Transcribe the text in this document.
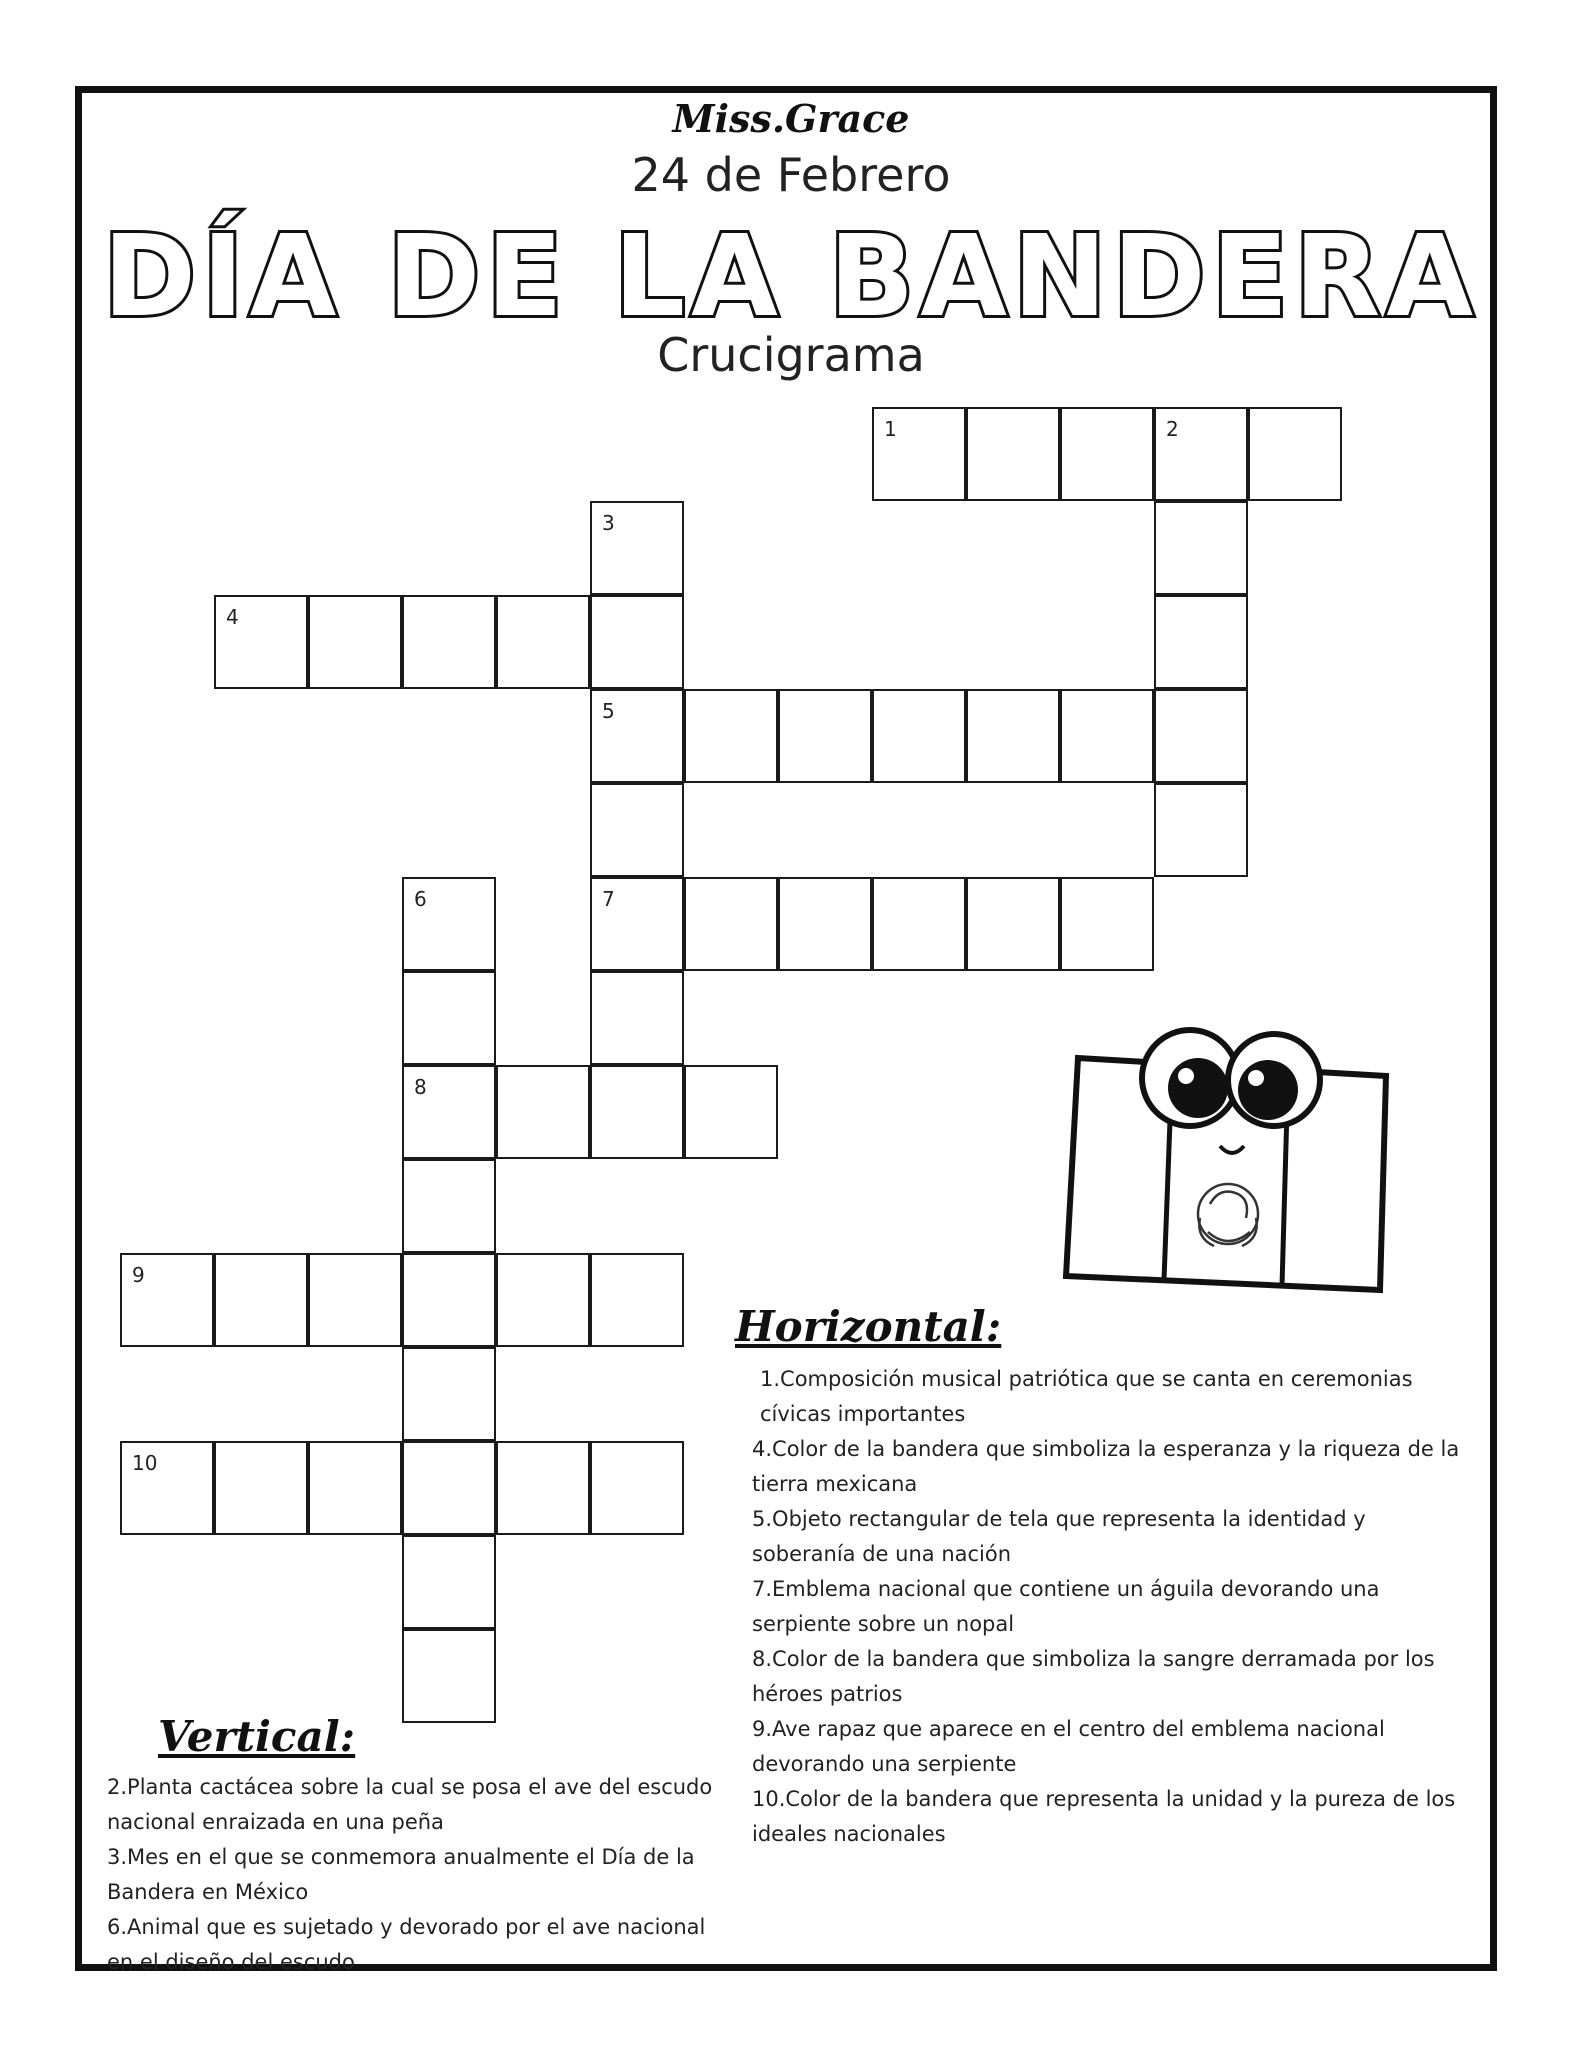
Miss.Grace
24 de Febrero
DÍA DE LA BANDERA
Crucigrama
1	2
3
5
7
4
6
8
9
10
Horizontal:
1.Composición musical patriótica que se canta en ceremonias cívicas importantes
4.Color de la bandera que simboliza la esperanza y la riqueza de la tierra mexicana
5.Objeto rectangular de tela que representa la identidad y soberanía de una nación
7.Emblema nacional que contiene un águila devorando una serpiente sobre un nopal
8.Color de la bandera que simboliza la sangre derramada por los héroes patrios
9.Ave rapaz que aparece en el centro del emblema nacional devorando una serpiente
10.Color de la bandera que representa la unidad y la pureza de los ideales nacionales
Vertical:
2.Planta cactácea sobre la cual se posa el ave del escudo nacional enraizada en una peña
3.Mes en el que se conmemora anualmente el Día de la Bandera en México
6.Animal que es sujetado y devorado por el ave nacional en el diseño del escudo
